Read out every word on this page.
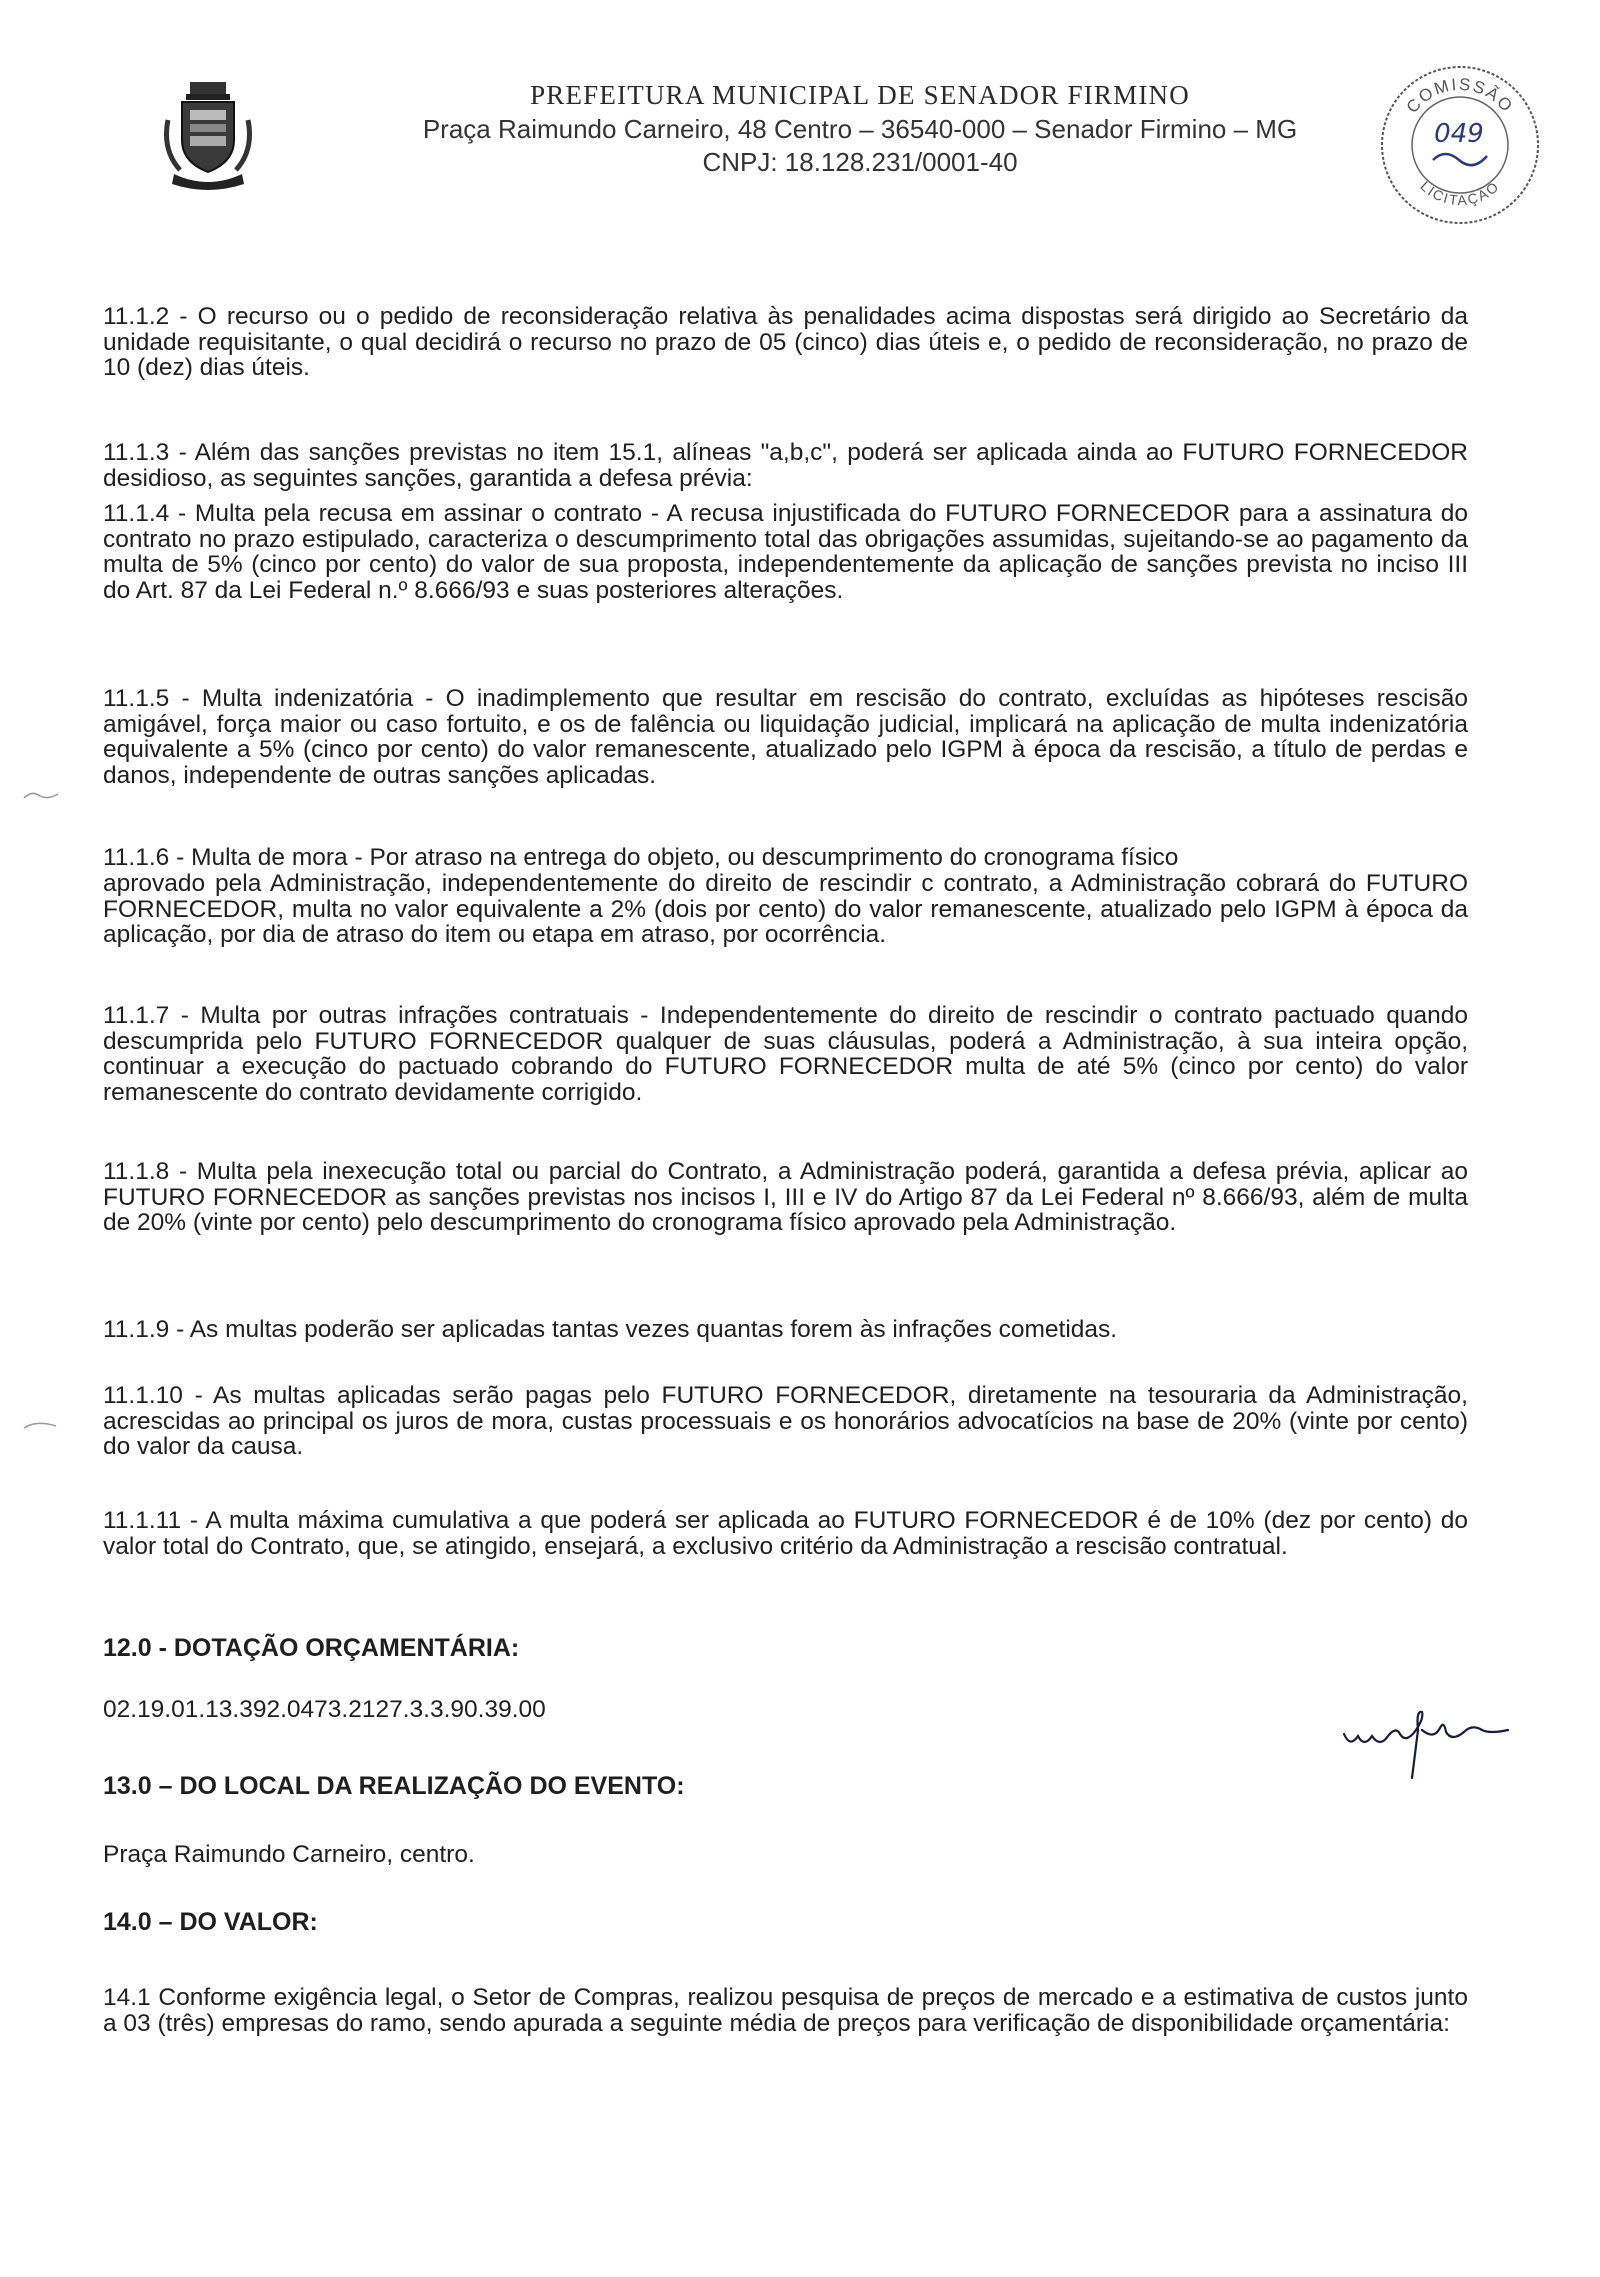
PREFEITURA MUNICIPAL DE SENADOR FIRMINO
Praça Raimundo Carneiro, 48 Centro – 36540-000 – Senador Firmino – MG
CNPJ: 18.128.231/0001-40
COMISSÃO
LICITAÇÃO
049

11.1.2 - O recurso ou o pedido de reconsideração relativa às penalidades acima dispostas será dirigido ao Secretário da unidade requisitante, o qual decidirá o recurso no prazo de 05 (cinco) dias úteis e, o pedido de reconsideração, no prazo de 10 (dez) dias úteis.

11.1.3 - Além das sanções previstas no item 15.1, alíneas "a,b,c", poderá ser aplicada ainda ao FUTURO FORNECEDOR desidioso, as seguintes sanções, garantida a defesa prévia:

11.1.4 - Multa pela recusa em assinar o contrato - A recusa injustificada do FUTURO FORNECEDOR para a assinatura do contrato no prazo estipulado, caracteriza o descumprimento total das obrigações assumidas, sujeitando-se ao pagamento da multa de 5% (cinco por cento) do valor de sua proposta, independentemente da aplicação de sanções prevista no inciso III do Art. 87 da Lei Federal n.º 8.666/93 e suas posteriores alterações.

11.1.5 - Multa indenizatória - O inadimplemento que resultar em rescisão do contrato, excluídas as hipóteses rescisão amigável, força maior ou caso fortuito, e os de falência ou liquidação judicial, implicará na aplicação de multa indenizatória equivalente a 5% (cinco por cento) do valor remanescente, atualizado pelo IGPM à época da rescisão, a título de perdas e danos, independente de outras sanções aplicadas.

11.1.6 - Multa de mora - Por atraso na entrega do objeto, ou descumprimento do cronograma físico

aprovado pela Administração, independentemente do direito de rescindir c contrato, a Administração cobrará do FUTURO FORNECEDOR, multa no valor equivalente a 2% (dois por cento) do valor remanescente, atualizado pelo IGPM à época da aplicação, por dia de atraso do item ou etapa em atraso, por ocorrência.

11.1.7 - Multa por outras infrações contratuais - Independentemente do direito de rescindir o contrato pactuado quando descumprida pelo FUTURO FORNECEDOR qualquer de suas cláusulas, poderá a Administração, à sua inteira opção, continuar a execução do pactuado cobrando do FUTURO FORNECEDOR multa de até 5% (cinco por cento) do valor remanescente do contrato devidamente corrigido.

11.1.8 - Multa pela inexecução total ou parcial do Contrato, a Administração poderá, garantida a defesa prévia, aplicar ao FUTURO FORNECEDOR as sanções previstas nos incisos I, III e IV do Artigo 87 da Lei Federal nº 8.666/93, além de multa de 20% (vinte por cento) pelo descumprimento do cronograma físico aprovado pela Administração.

11.1.9 - As multas poderão ser aplicadas tantas vezes quantas forem às infrações cometidas.

11.1.10 - As multas aplicadas serão pagas pelo FUTURO FORNECEDOR, diretamente na tesouraria da Administração, acrescidas ao principal os juros de mora, custas processuais e os honorários advocatícios na base de 20% (vinte por cento) do valor da causa.

11.1.11 - A multa máxima cumulativa a que poderá ser aplicada ao FUTURO FORNECEDOR é de 10% (dez por cento) do valor total do Contrato, que, se atingido, ensejará, a exclusivo critério da Administração a rescisão contratual.

12.0 - DOTAÇÃO ORÇAMENTÁRIA:

02.19.01.13.392.0473.2127.3.3.90.39.00

13.0 – DO LOCAL DA REALIZAÇÃO DO EVENTO:

Praça Raimundo Carneiro, centro.

14.0 – DO VALOR:

14.1 Conforme exigência legal, o Setor de Compras, realizou pesquisa de preços de mercado e a estimativa de custos junto a 03 (três) empresas do ramo, sendo apurada a seguinte média de preços para verificação de disponibilidade orçamentária:
